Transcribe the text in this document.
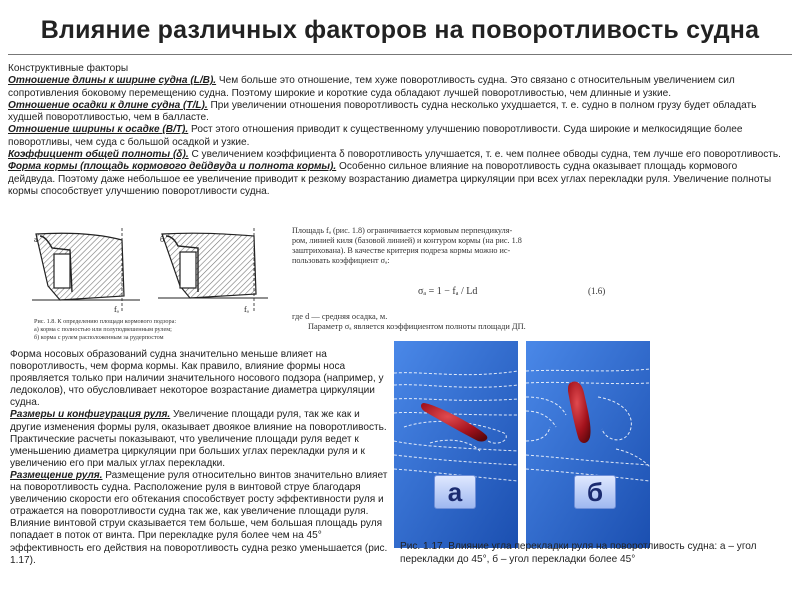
Влияние различных факторов на поворотливость судна
Конструктивные факторы
Отношение длины к ширине судна (L/B). Чем больше это отношение, тем хуже поворотливость судна. Это связано с относительным увеличением сил сопротивления боковому перемещению судна. Поэтому широкие и короткие суда обладают лучшей поворотливостью, чем длинные и узкие.
Отношение осадки к длине судна (T/L). При увеличении отношения поворотливость судна несколько ухудшается, т. е. судно в полном грузу будет обладать худшей поворотливостью, чем в балласте.
Отношение ширины к осадке (B/T). Рост этого отношения приводит к существенному улучшению поворотливости. Суда широкие и мелкосидящие более поворотливы, чем суда с большой осадкой и узкие.
Коэффициент общей полноты (δ). С увеличением коэффициента δ поворотливость улучшается, т. е. чем полнее обводы судна, тем лучше его поворотливость.
Форма кормы (площадь кормового дейдвуда и полнота кормы). Особенно сильное влияние на поворотливость судна оказывает площадь кормового дейдвуда. Поэтому даже небольшое ее увеличение приводит к резкому возрастанию диаметра циркуляции при всех углах перекладки руля. Увеличение полноты кормы способствует улучшению поворотливости судна.
а	б
fₐ	fₐ
Рис. 1.8. К определению площади кормового подзора:
а) корма с полностью или полуподвешенным рулем;
б) корма с рулем расположенным за рудерпостом
Площадь fₐ (рис. 1.8) ограничивается кормовым перпендикуля-
ром, линией киля (базовой линией) и контуром кормы (на рис. 1.8
заштрихована). В качестве критерия подреза кормы можно ис-
пользовать коэффициент σₐ:
σₐ = 1 − fₐ / Ld	(1.6)
где d — средняя осадка, м.
Параметр σₐ является коэффициентом полноты площади ДП.
Форма носовых образований судна значительно меньше влияет на поворотливость, чем форма кормы. Как правило, влияние формы носа проявляется только при наличии значительного носового подзора (например, у ледоколов), что обусловливает некоторое возрастание диаметра циркуляции судна.
Размеры и конфигурация руля. Увеличение площади руля, так же как и другие изменения формы руля, оказывает двоякое влияние на поворотливость. Практические расчеты показывают, что увеличение площади руля ведет к уменьшению диаметра циркуляции при больших углах перекладки руля и к увеличению его при малых углах перекладки.
Размещение руля. Размещение руля относительно винтов значительно влияет на поворотливость судна. Расположение руля в винтовой струе благодаря увеличению скорости его обтекания способствует росту эффективности руля и отражается на поворотливости судна так же, как увеличение площади руля. Влияние винтовой струи сказывается тем больше, чем большая площадь руля попадает в поток от винта. При перекладке руля более чем на 45° эффективность его действия на поворотливость судна резко уменьшается (рис. 1.17).
а	б
Рис. 1.17. Влияние угла перекладки руля на поворотливость судна: а – угол перекладки до 45°, б – угол перекладки более 45°
